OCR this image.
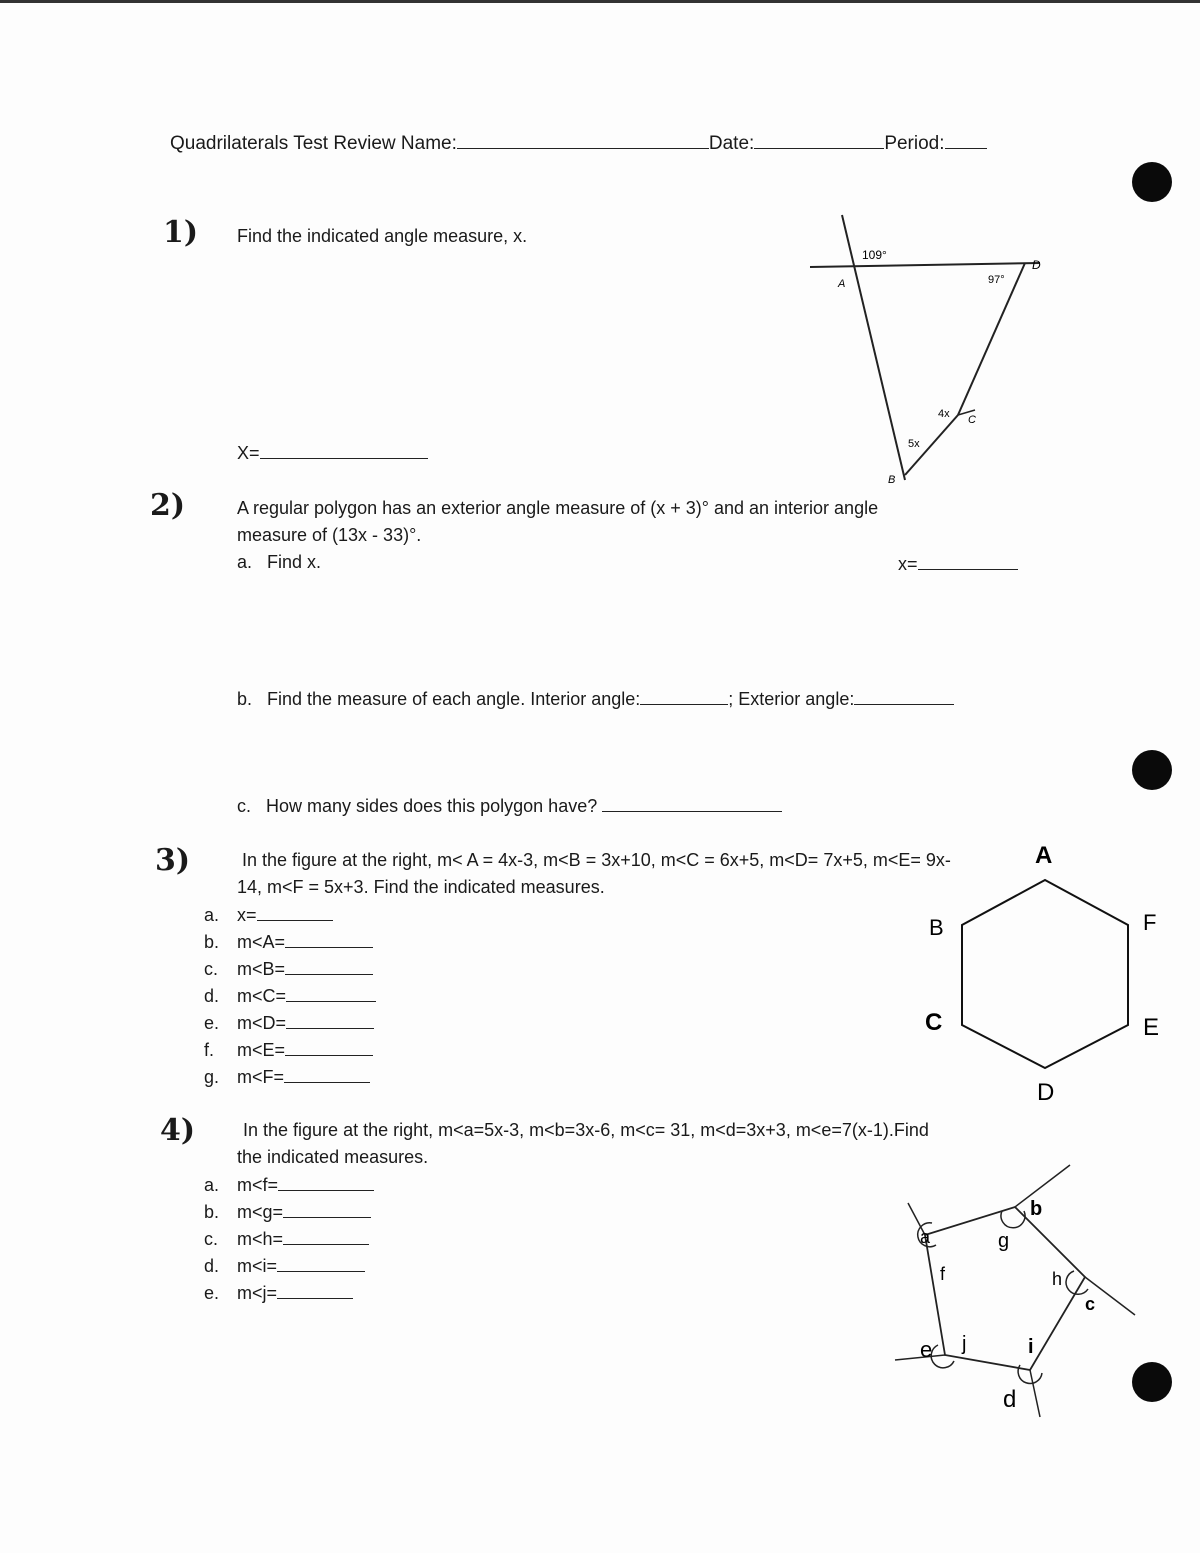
Quadrilaterals Test Review Name:	Date:	Period:
1) Find the indicated angle measure, x.
X=
109°
97°
4x
5x
A
D
C
B
2)	A regular polygon has an exterior angle measure of (x + 3)° and an interior angle
measure of (13x - 33)°.
a. Find x.	x=
b. Find the measure of each angle. Interior angle:	; Exterior angle:
c. How many sides does this polygon have?
3)	In the figure at the right, m< A = 4x-3, m<B = 3x+10, m<C = 6x+5, m<D= 7x+5, m<E= 9x-
14, m<F = 5x+3. Find the indicated measures.
a. x=
b. m<A=
c. m<B=
d. m<C=
e. m<D=
f. m<E=
g. m<F=
A
B
C
D
E
F
4)	In the figure at the right, m<a=5x-3, m<b=3x-6, m<c= 31, m<d=3x+3, m<e=7(x-1).Find
the indicated measures.
a. m<f=
b. m<g=
c. m<h=
d. m<i=
e. m<j=
a
f
b
g
h
c
i
d
e j
